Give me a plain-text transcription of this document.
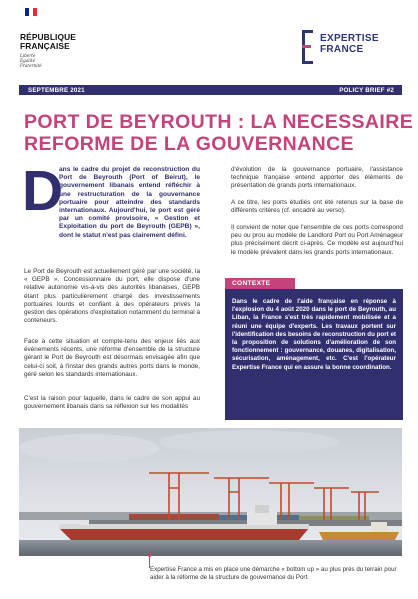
RÉPUBLIQUE
FRANÇAISE
Liberté
Égalité
Fraternité
EXPERTISE
FRANCE
SEPTEMBRE 2021	POLICY BRIEF #2
PORT DE BEYROUTH : LA NECESSAIRE
REFORME DE LA GOUVERNANCE
D
ans le cadre du projet de reconstruction du Port de Beyrouth (Port of Beirut), le gouvernement libanais entend réfléchir à une restructuration de la gouvernance portuaire pour atteindre des standards internationaux. Aujourd'hui, le port est géré par un comité provisoire, « Gestion et Exploitation du port de Beyrouth (GEPB) », dont le statut n'est pas clairement défini.
Le Port de Beyrouth est actuellement géré par une société, la « GEPB ». Concessionnaire du port, elle dispose d'une relative autonomie vis-à-vis des autorités libanaises, GEPB étant plus particulièrement chargé des investissements portuaires lourds et confiant à des opérateurs privés la gestion des opérations d'exploitation notamment du terminal à conteneurs.
Face à cette situation et compte-tenu des enjeux liés aux évènements récents, une réforme d'ensemble de la structure gérant le Port de Beyrouth est désormais envisagée afin que celui-ci soit, à l'instar des grands autres ports dans le monde, géré selon les standards internationaux.
C'est la raison pour laquelle, dans le cadre de son appui au gouvernement libanais dans sa réflexion sur les modalités
d'évolution de la gouvernance portuaire, l'assistance technique française entend apporter des éléments de présentation de grands ports internationaux.
A ce titre, les ports étudiés ont été retenus sur la base de différents critères (cf. encadré au verso).
Il convient de noter que l'ensemble de ces ports correspond peu ou prou au modèle de Landlord Port ou Port Aménageur plus précisément décrit ci-après. Ce modèle est aujourd'hui le modèle prévalent dans les grands ports internationaux.
CONTEXTE
Dans le cadre de l'aide française en réponse à l'explosion du 4 août 2020 dans le port de Beyrouth, au Liban, la France s'est très rapidement mobilisée et a réuni une équipe d'experts. Les travaux portent sur l'identification des besoins de reconstruction du port et la proposition de solutions d'amélioration de son fonctionnement : gouvernance, douanes, digitalisation, sécurisation, aménagement, etc. C'est l'opérateur Expertise France qui en assure la bonne coordination.
Expertise France a mis en place une démarche « bottom up » au plus près du terrain pour aider à la réforme de la structure de gouvernance du Port.
